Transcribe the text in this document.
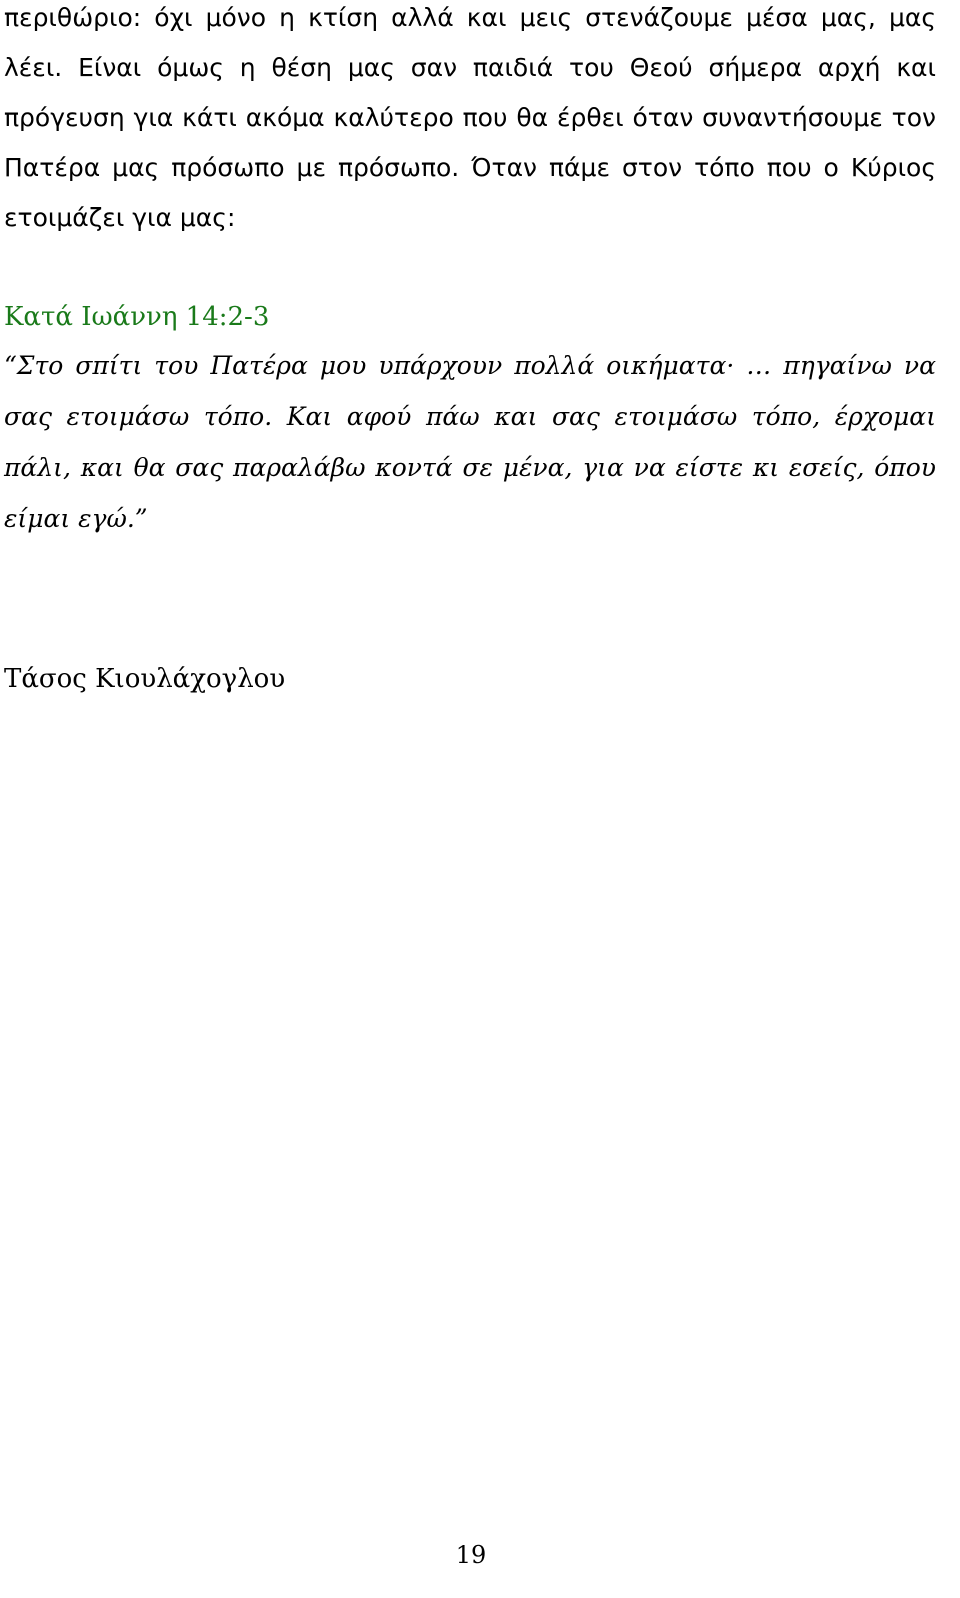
περιθώριο: όχι μόνο η κτίση αλλά και μεις στενάζουμε μέσα μας, μας λέει. Είναι όμως η θέση μας σαν παιδιά του Θεού σήμερα αρχή και πρόγευση για κάτι ακόμα καλύτερο που θα έρθει όταν συναντήσουμε τον Πατέρα μας πρόσωπο με πρόσωπο. Όταν πάμε στον τόπο που ο Κύριος ετοιμάζει για μας:

Κατά Ιωάννη 14:2-3

“Στο σπίτι του Πατέρα μου υπάρχουν πολλά οικήματα· … πηγαίνω να σας ετοιμάσω τόπο. Και αφού πάω και σας ετοιμάσω τόπο, έρχομαι πάλι, και θα σας παραλάβω κοντά σε μένα, για να είστε κι εσείς, όπου είμαι εγώ.”

Τάσος Κιουλάχογλου

19
